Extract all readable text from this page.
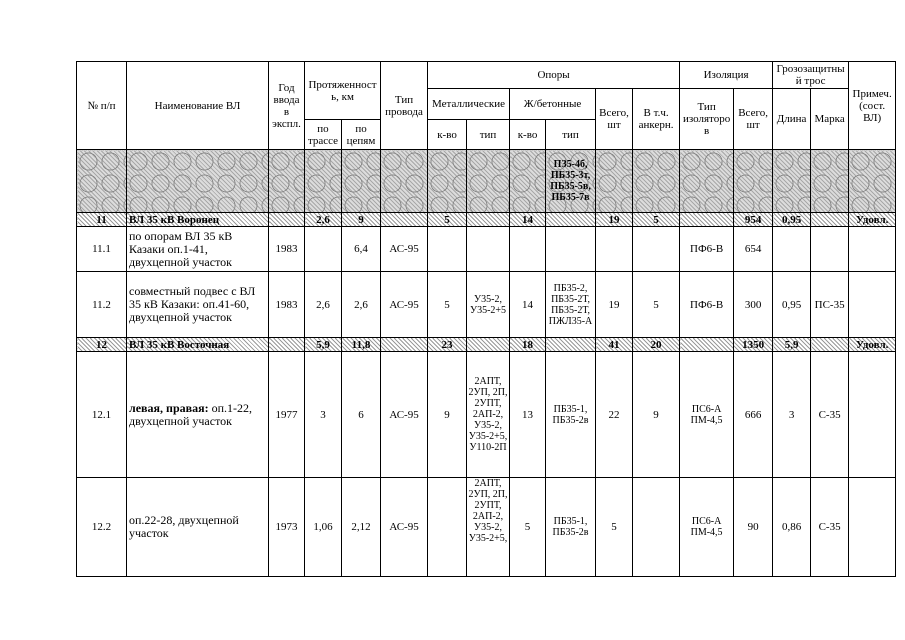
№ п/п	Наименование ВЛ	Год ввода в экспл.	Протяженность, км		Тип провода	Опоры						Изоляция		Грозозащитный трос		Примеч. (сост. ВЛ)
						Металлические		Ж/бетонные		Всего, шт	В т.ч. анкерн.	Тип изоляторов	Всего, шт	Длина	Марка	
			по трассе	по цепям		к-во	тип	к-во	тип							
									ПЗ5-4б, ПБ35-3т, ПБ35-5в, ПБ35-7в							
11	ВЛ 35 кВ Воронец		2,6	9		5		14		19	5		954	0,95		Удовл.
11.1	по опорам ВЛ 35 кВ Казаки оп.1-41, двухцепной участок	1983		6,4	АС-95							ПФ6-В	654			
11.2	совместный подвес с ВЛ 35 кВ Казаки: оп.41-60, двухцепной участок	1983	2,6	2,6	АС-95	5	У35-2, У35-2+5	14	ПБ35-2, ПБ35-2Т, ПБ35-2Т, ПЖЛ35-А	19	5	ПФ6-В	300	0,95	ПС-35	
12	ВЛ 35 кВ Восточная		5,9	11,8		23		18		41	20		1350	5,9		Удовл.
12.1	левая, правая: оп.1-22, двухцепной участок	1977	3	6	АС-95	9	2АПТ, 2УП, 2П, 2УПТ, 2АП-2, У35-2, У35-2+5, У110-2П	13	ПБ35-1, ПБ35-2в	22	9	ПС6-А ПМ-4,5	666	3	С-35	
12.2	оп.22-28, двухцепной участок	1973	1,06	2,12	АС-95		2АПТ, 2УП, 2П, 2УПТ, 2АП-2, У35-2, У35-2+5,	5	ПБ35-1, ПБ35-2в	5		ПС6-А ПМ-4,5	90	0,86	С-35	
